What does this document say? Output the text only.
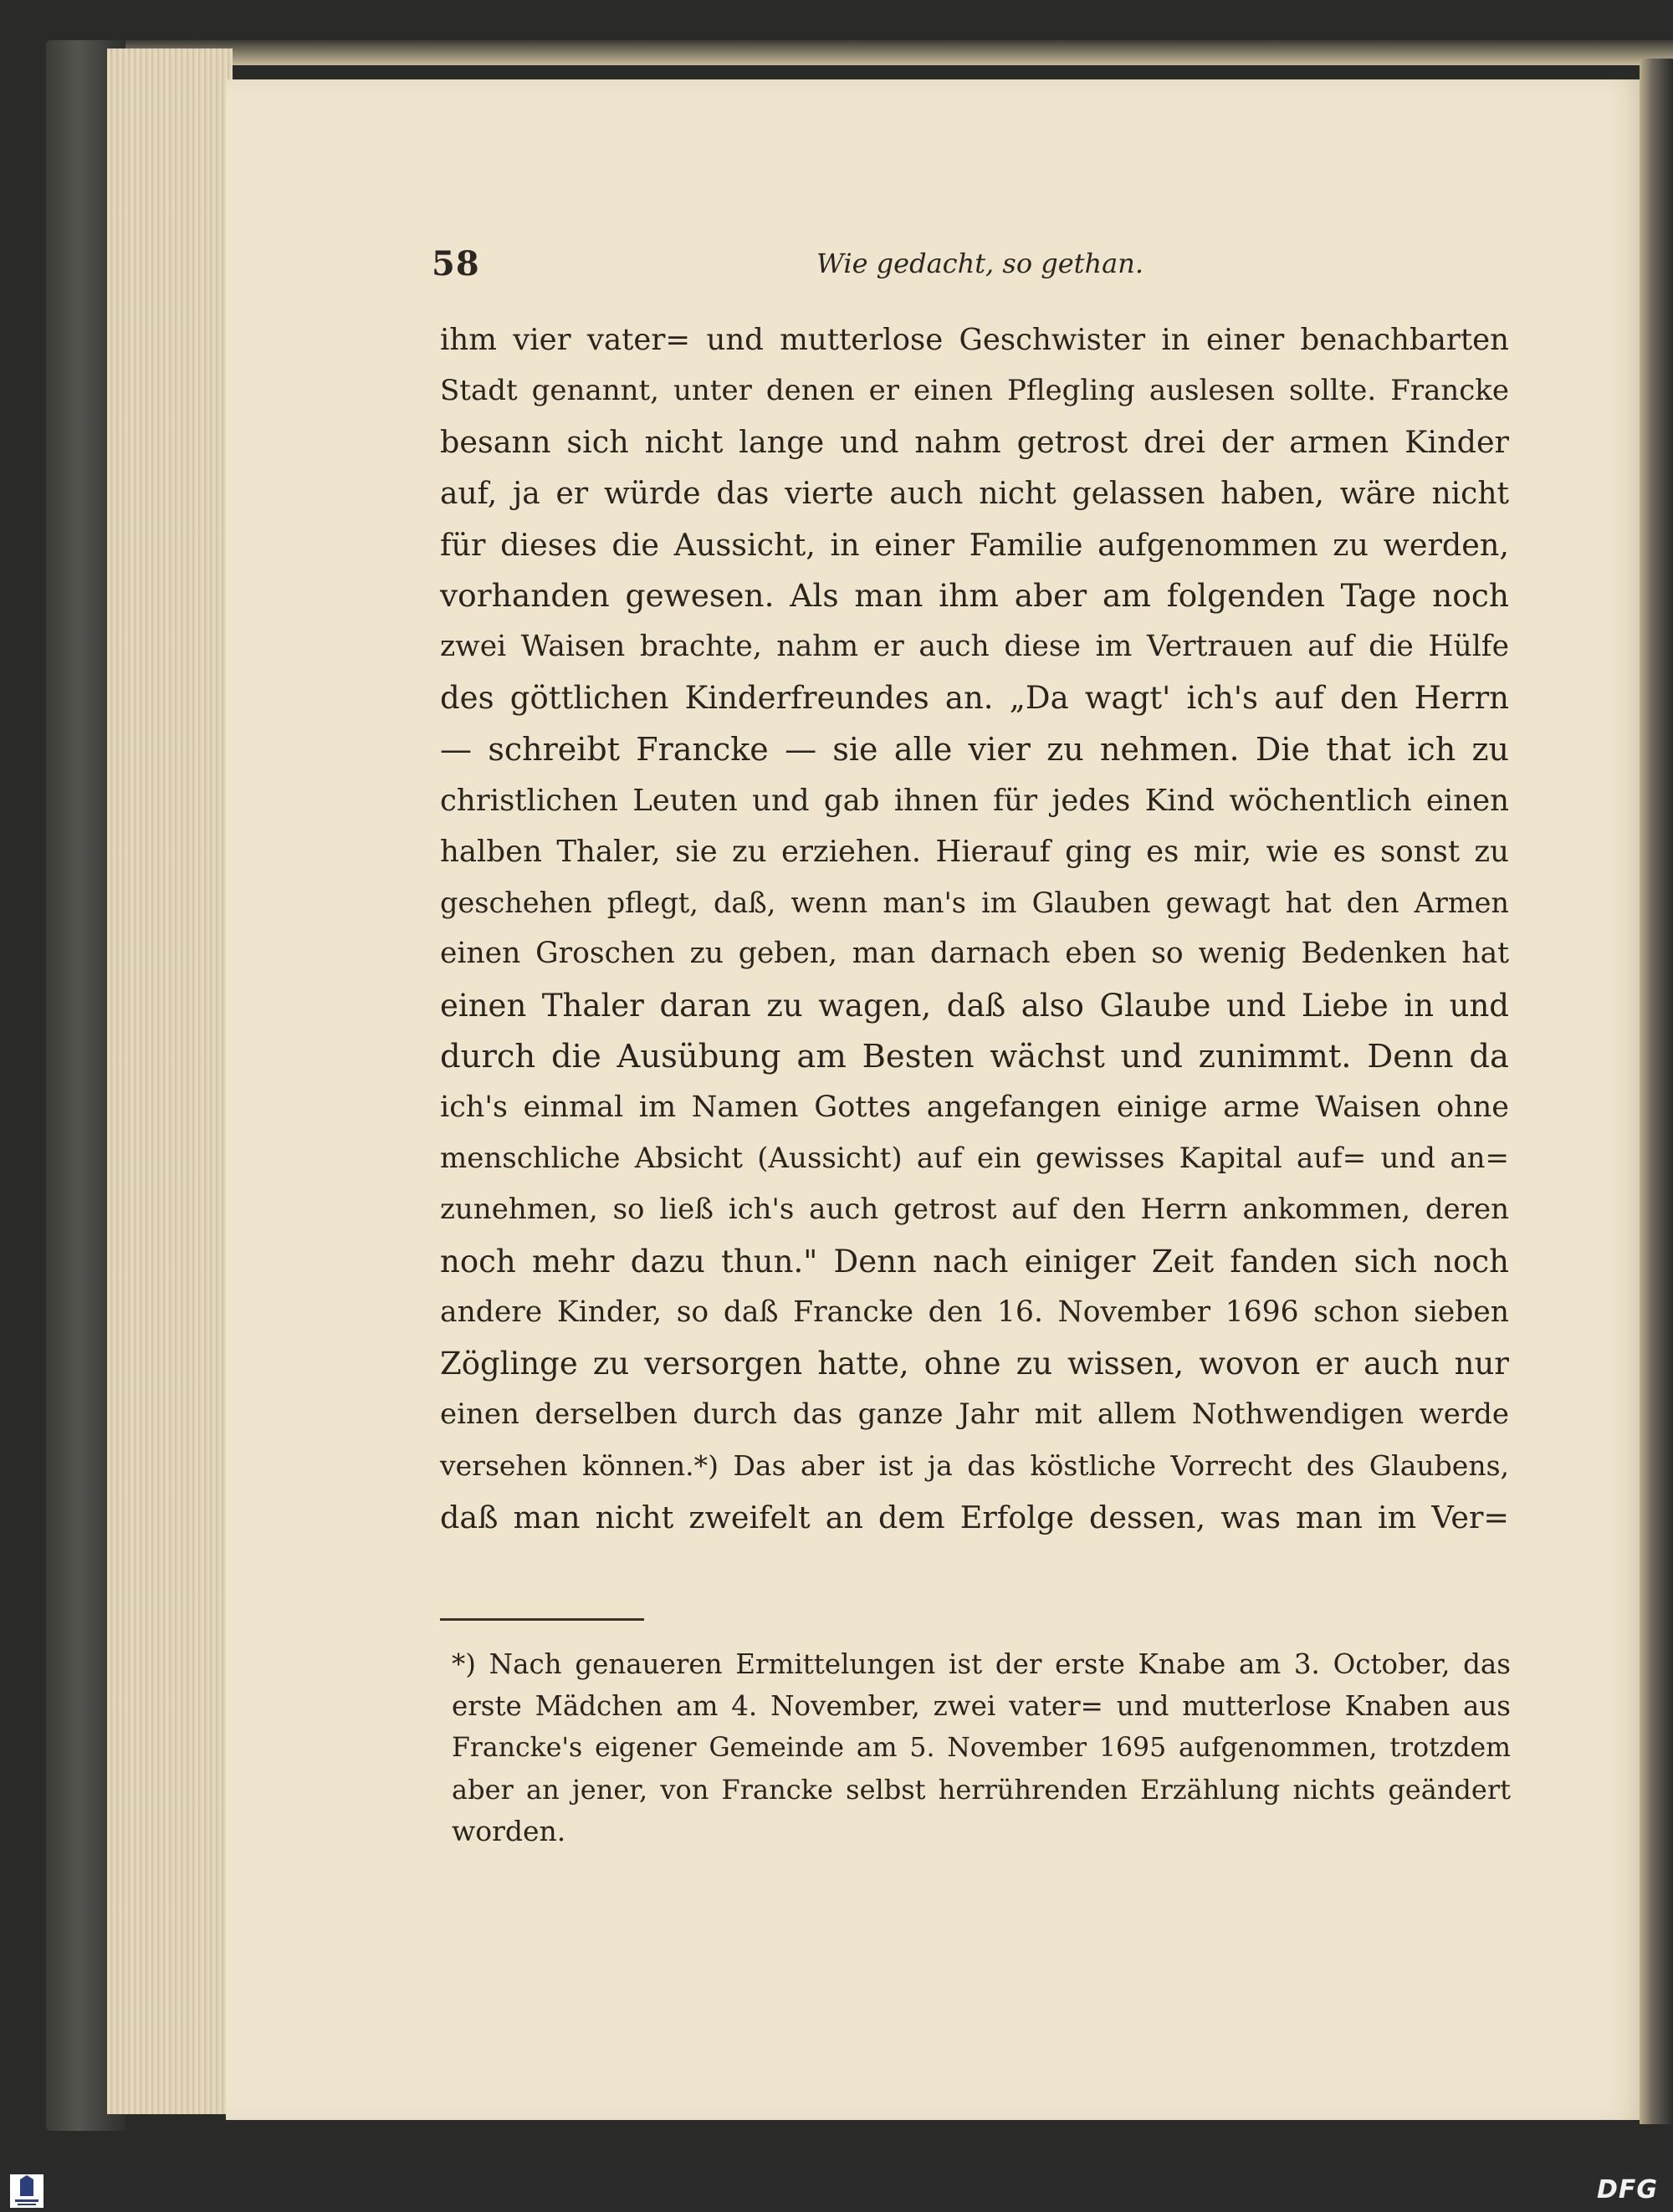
58	Wie gedacht, so gethan.
ihm vier vater= und mutterlose Geschwister in einer benachbarten
Stadt genannt, unter denen er einen Pflegling auslesen sollte. Francke
besann sich nicht lange und nahm getrost drei der armen Kinder
auf, ja er würde das vierte auch nicht gelassen haben, wäre nicht
für dieses die Aussicht, in einer Familie aufgenommen zu werden,
vorhanden gewesen. Als man ihm aber am folgenden Tage noch
zwei Waisen brachte, nahm er auch diese im Vertrauen auf die Hülfe
des göttlichen Kinderfreundes an. „Da wagt' ich's auf den Herrn
— schreibt Francke — sie alle vier zu nehmen. Die that ich zu
christlichen Leuten und gab ihnen für jedes Kind wöchentlich einen
halben Thaler, sie zu erziehen. Hierauf ging es mir, wie es sonst zu
geschehen pflegt, daß, wenn man's im Glauben gewagt hat den Armen
einen Groschen zu geben, man darnach eben so wenig Bedenken hat
einen Thaler daran zu wagen, daß also Glaube und Liebe in und
durch die Ausübung am Besten wächst und zunimmt. Denn da
ich's einmal im Namen Gottes angefangen einige arme Waisen ohne
menschliche Absicht (Aussicht) auf ein gewisses Kapital auf= und an=
zunehmen, so ließ ich's auch getrost auf den Herrn ankommen, deren
noch mehr dazu thun." Denn nach einiger Zeit fanden sich noch
andere Kinder, so daß Francke den 16. November 1696 schon sieben
Zöglinge zu versorgen hatte, ohne zu wissen, wovon er auch nur
einen derselben durch das ganze Jahr mit allem Nothwendigen werde
versehen können.*) Das aber ist ja das köstliche Vorrecht des Glaubens,
daß man nicht zweifelt an dem Erfolge dessen, was man im Ver=
*) Nach genaueren Ermittelungen ist der erste Knabe am 3. October, das
erste Mädchen am 4. November, zwei vater= und mutterlose Knaben aus
Francke's eigener Gemeinde am 5. November 1695 aufgenommen, trotzdem
aber an jener, von Francke selbst herrührenden Erzählung nichts geändert
worden.
DFG
